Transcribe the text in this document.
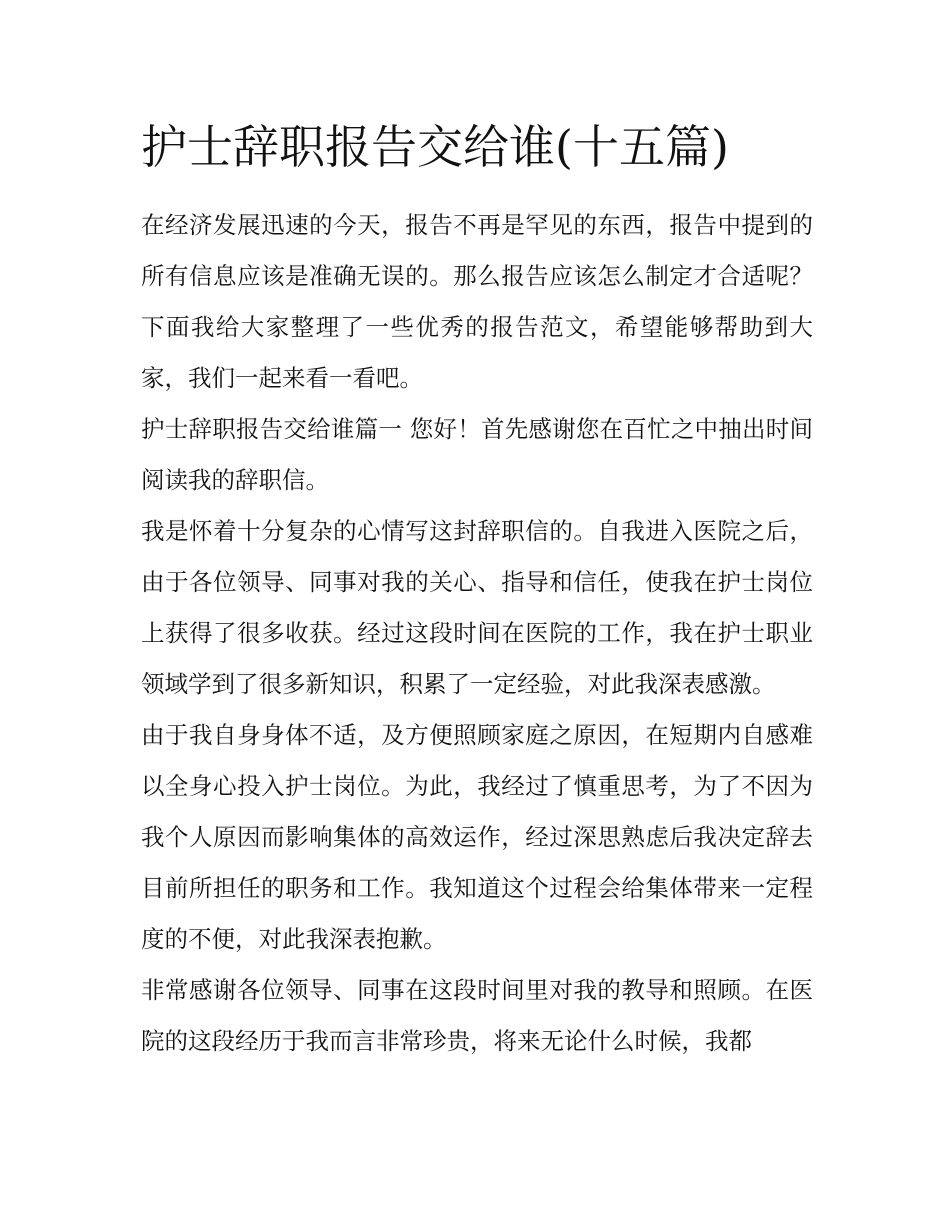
护士辞职报告交给谁(十五篇)

在经济发展迅速的今天，报告不再是罕见的东西，报告中提到的所有信息应该是准确无误的。那么报告应该怎么制定才合适呢？下面我给大家整理了一些优秀的报告范文，希望能够帮助到大家，我们一起来看一看吧。

护士辞职报告交给谁篇一 您好！首先感谢您在百忙之中抽出时间阅读我的辞职信。

我是怀着十分复杂的心情写这封辞职信的。自我进入医院之后，由于各位领导、同事对我的关心、指导和信任，使我在护士岗位上获得了很多收获。经过这段时间在医院的工作，我在护士职业领域学到了很多新知识，积累了一定经验，对此我深表感激。

由于我自身身体不适，及方便照顾家庭之原因，在短期内自感难以全身心投入护士岗位。为此，我经过了慎重思考，为了不因为我个人原因而影响集体的高效运作，经过深思熟虑后我决定辞去目前所担任的职务和工作。我知道这个过程会给集体带来一定程度的不便，对此我深表抱歉。

非常感谢各位领导、同事在这段时间里对我的教导和照顾。在医院的这段经历于我而言非常珍贵，将来无论什么时候，我都
